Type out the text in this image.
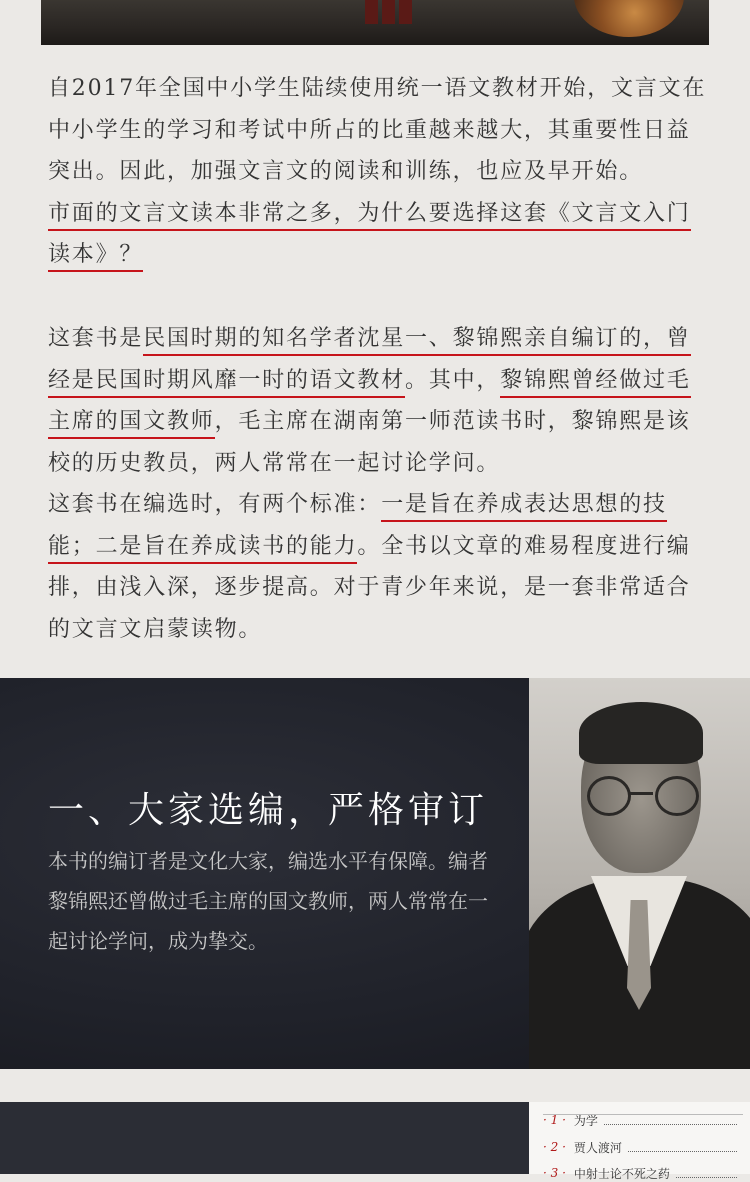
自2017年全国中小学生陆续使用统一语文教材开始，文言文在
中小学生的学习和考试中所占的比重越来越大，其重要性日益
突出。因此，加强文言文的阅读和训练，也应及早开始。
市面的文言文读本非常之多，为什么要选择这套《文言文入门
读本》？

这套书是民国时期的知名学者沈星一、黎锦熙亲自编订的，曾
经是民国时期风靡一时的语文教材。其中，黎锦熙曾经做过毛
主席的国文教师，毛主席在湖南第一师范读书时，黎锦熙是该
校的历史教员，两人常常在一起讨论学问。

这套书在编选时，有两个标准：一是旨在养成表达思想的技
能；二是旨在养成读书的能力。全书以文章的难易程度进行编
排，由浅入深，逐步提高。对于青少年来说，是一套非常适合
的文言文启蒙读物。

一、大家选编，严格审订

本书的编订者是文化大家，编选水平有保障。编者黎锦熙还曾做过毛主席的国文教师，两人常常在一起讨论学问，成为挚交。

· 1 · 为学
· 2 · 贾人渡河
· 3 · 中射士论不死之药
